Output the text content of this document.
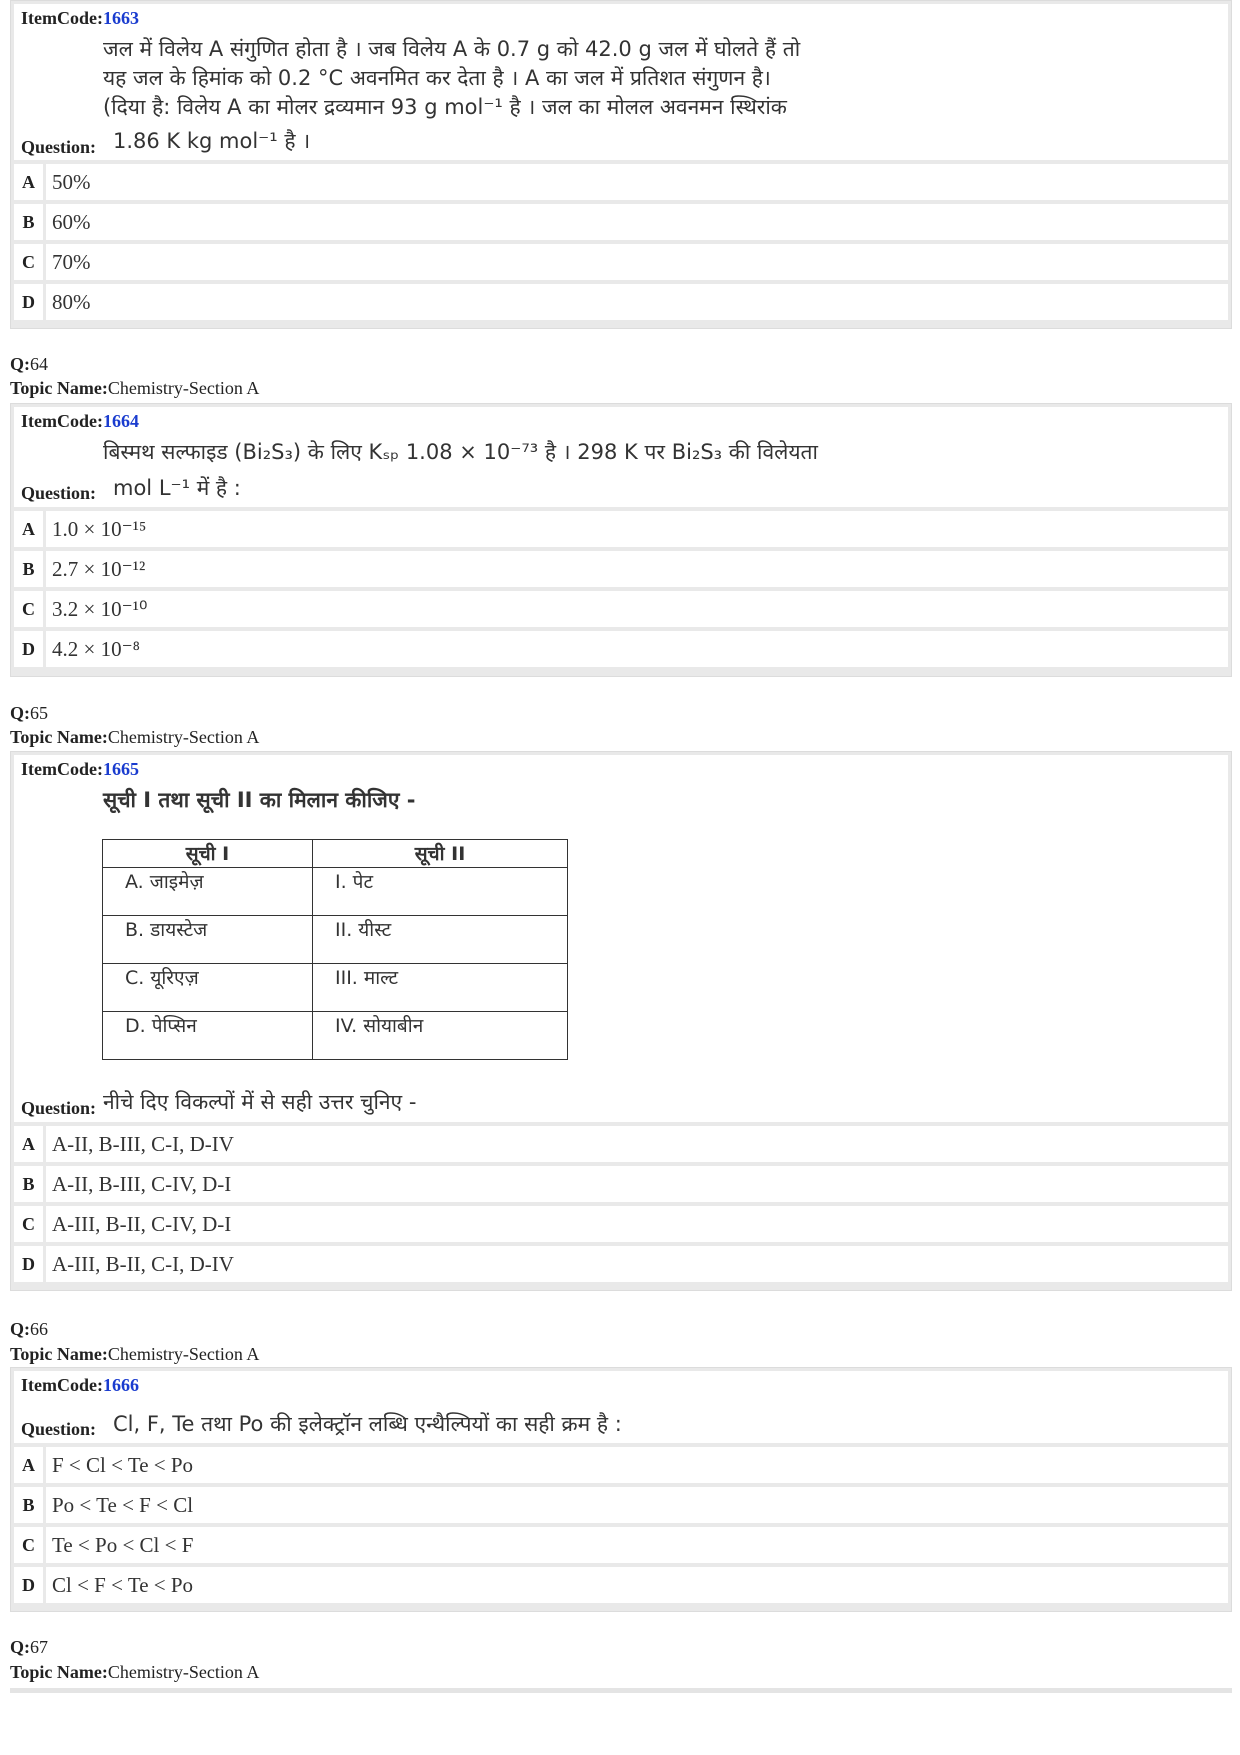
ItemCode:1663
जल में विलेय A संगुणित होता है । जब विलेय A के 0.7 g को 42.0 g जल में घोलते हैं तो
यह जल के हिमांक को 0.2 °C अवनमित कर देता है । A का जल में प्रतिशत संगुणन है।
(दिया है: विलेय A का मोलर द्रव्यमान 93 g mol⁻¹ है । जल का मोलल अवनमन स्थिरांक
Question: 1.86 K kg mol⁻¹ है ।
A 50%
B 60%
C 70%
D 80%
Q:64
Topic Name:Chemistry-Section A
ItemCode:1664
बिस्मथ सल्फाइड (Bi₂S₃) के लिए Kₛₚ 1.08 × 10⁻⁷³ है । 298 K पर Bi₂S₃ की विलेयता
Question: mol L⁻¹ में है :
A 1.0 × 10⁻¹⁵
B 2.7 × 10⁻¹²
C 3.2 × 10⁻¹⁰
D 4.2 × 10⁻⁸
Q:65
Topic Name:Chemistry-Section A
ItemCode:1665
सूची I तथा सूची II का मिलान कीजिए -
सूची I	सूची II
A. जाइमेज़	I. पेट
B. डायस्टेज	II. यीस्ट
C. यूरिएज़	III. माल्ट
D. पेप्सिन	IV. सोयाबीन
Question: नीचे दिए विकल्पों में से सही उत्तर चुनिए -
A A-II, B-III, C-I, D-IV
B A-II, B-III, C-IV, D-I
C A-III, B-II, C-IV, D-I
D A-III, B-II, C-I, D-IV
Q:66
Topic Name:Chemistry-Section A
ItemCode:1666
Question: Cl, F, Te तथा Po की इलेक्ट्रॉन लब्धि एन्थैल्पियों का सही क्रम है :
A F < Cl < Te < Po
B Po < Te < F < Cl
C Te < Po < Cl < F
D Cl < F < Te < Po
Q:67
Topic Name:Chemistry-Section A
